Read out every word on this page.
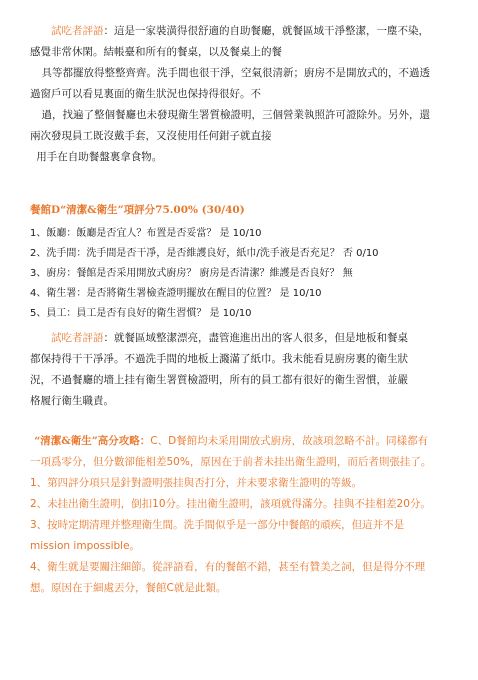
試吃者評語：這是一家裝潢得很舒適的自助餐廳，就餐區域干淨整潔，一塵不染，

感覺非常休閑。結帳臺和所有的餐桌，以及餐桌上的餐

具等都擺放得整整齊齊。洗手間也很干淨，空氣很清新；廚房不是開放式的，不過透

過窗戶可以看見裏面的衛生狀況也保持得很好。不

過，找遍了整個餐廳也未發現衛生署質檢證明，三個營業執照許可證除外。另外，還

兩次發現員工既沒戴手套，又沒使用任何鉗子就直接

用手在自助餐盤裏拿食物。

餐館D“清潔&衛生”項評分75.00% (30/40)

1、飯廳：飯廳是否宜人？布置是否妥當？ 是 10/10

2、洗手間：洗手間是否干凈，是否維護良好，紙巾/洗手液是否充足？ 否 0/10

3、廚房：餐館是否采用開放式廚房？ 廚房是否清潔？維護是否良好？ 無

4、衛生署：是否將衛生署檢查證明擺放在醒目的位置？ 是 10/10

5、員工：員工是否有良好的衛生習慣？ 是 10/10

試吃者評語：就餐區域整潔漂亮，盡管進進出出的客人很多，但是地板和餐桌

都保持得干干凈凈。不過洗手間的地板上濺滿了紙巾。我未能看見廚房裏的衛生狀

況，不過餐廳的墻上挂有衛生署質檢證明，所有的員工都有很好的衛生習慣，並嚴

格履行衛生職責。

“清潔&衛生”高分攻略：C、D餐館均未采用開放式廚房，故該項忽略不計。同樣都有

一項爲零分，但分數卻能相差50%，原因在于前者未挂出衛生證明，而后者則張挂了。

1、第四評分項只是針對證明張挂與否打分，并未要求衛生證明的等級。

2、未挂出衛生證明，倒扣10分。挂出衛生證明，該項就得滿分。挂與不挂相差20分。

3、按時定期清理并整理衛生間。洗手間似乎是一部分中餐館的頑疾，但這并不是

mission impossible。

4、衛生就是要關注細節。從評語看，有的餐館不錯，甚至有贊美之詞，但是得分不理

想。原因在于細處丟分，餐館C就是此類。
